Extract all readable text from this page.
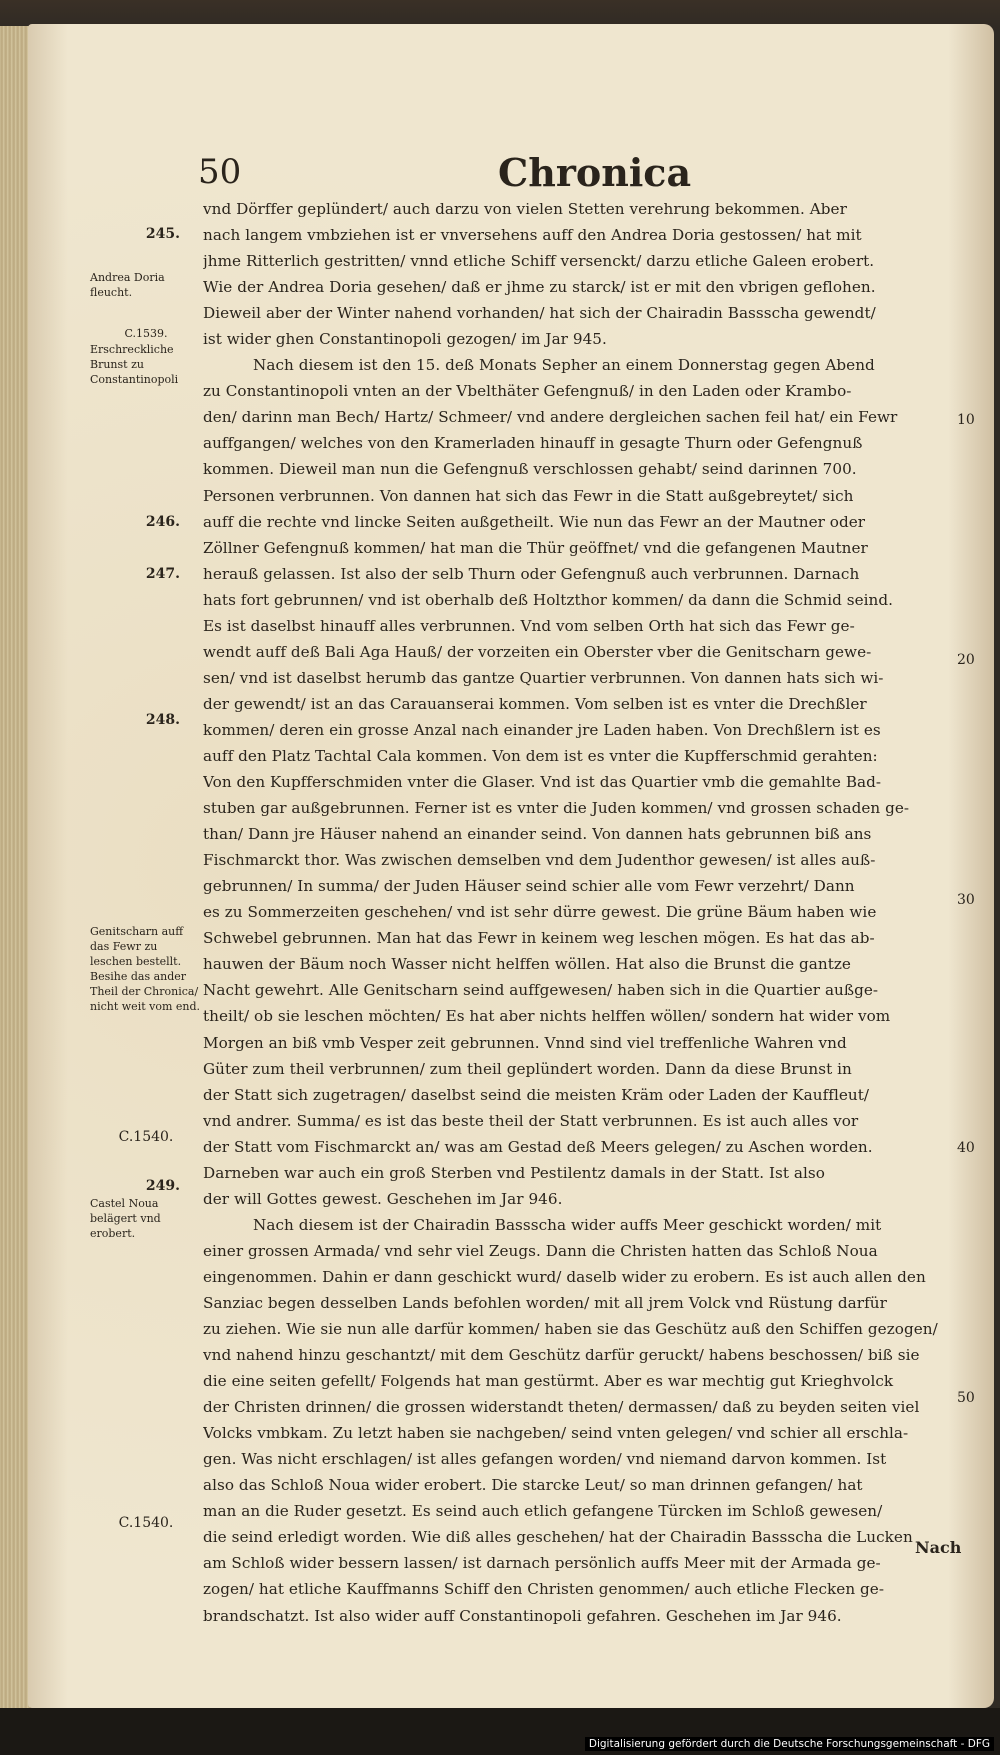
50	Chronica
vnd Dörffer geplündert/ auch darzu von vielen Stetten verehrung bekommen. Aber
nach langem vmbziehen ist er vnversehens auff den Andrea Doria gestossen/ hat mit
jhme Ritterlich gestritten/ vnnd etliche Schiff versenckt/ darzu etliche Galeen erobert.
Wie der Andrea Doria gesehen/ daß er jhme zu starck/ ist er mit den vbrigen geflohen.
Dieweil aber der Winter nahend vorhanden/ hat sich der Chairadin Bassscha gewendt/
ist wider ghen Constantinopoli gezogen/ im Jar 945.
Nach diesem ist den 15. deß Monats Sepher an einem Donnerstag gegen Abend
zu Constantinopoli vnten an der Vbelthäter Gefengnuß/ in den Laden oder Krambo-
den/ darinn man Bech/ Hartz/ Schmeer/ vnd andere dergleichen sachen feil hat/ ein Fewr
auffgangen/ welches von den Kramerladen hinauff in gesagte Thurn oder Gefengnuß
kommen. Dieweil man nun die Gefengnuß verschlossen gehabt/ seind darinnen 700.
Personen verbrunnen. Von dannen hat sich das Fewr in die Statt außgebreytet/ sich
auff die rechte vnd lincke Seiten außgetheilt. Wie nun das Fewr an der Mautner oder
Zöllner Gefengnuß kommen/ hat man die Thür geöffnet/ vnd die gefangenen Mautner
herauß gelassen. Ist also der selb Thurn oder Gefengnuß auch verbrunnen. Darnach
hats fort gebrunnen/ vnd ist oberhalb deß Holtzthor kommen/ da dann die Schmid seind.
Es ist daselbst hinauff alles verbrunnen. Vnd vom selben Orth hat sich das Fewr ge-
wendt auff deß Bali Aga Hauß/ der vorzeiten ein Oberster vber die Genitscharn gewe-
sen/ vnd ist daselbst herumb das gantze Quartier verbrunnen. Von dannen hats sich wi-
der gewendt/ ist an das Carauanserai kommen. Vom selben ist es vnter die Drechßler
kommen/ deren ein grosse Anzal nach einander jre Laden haben. Von Drechßlern ist es
auff den Platz Tachtal Cala kommen. Von dem ist es vnter die Kupfferschmid gerahten:
Von den Kupfferschmiden vnter die Glaser. Vnd ist das Quartier vmb die gemahlte Bad-
stuben gar außgebrunnen. Ferner ist es vnter die Juden kommen/ vnd grossen schaden ge-
than/ Dann jre Häuser nahend an einander seind. Von dannen hats gebrunnen biß ans
Fischmarckt thor. Was zwischen demselben vnd dem Judenthor gewesen/ ist alles auß-
gebrunnen/ In summa/ der Juden Häuser seind schier alle vom Fewr verzehrt/ Dann
es zu Sommerzeiten geschehen/ vnd ist sehr dürre gewest. Die grüne Bäum haben wie
Schwebel gebrunnen. Man hat das Fewr in keinem weg leschen mögen. Es hat das ab-
hauwen der Bäum noch Wasser nicht helffen wöllen. Hat also die Brunst die gantze
Nacht gewehrt. Alle Genitscharn seind auffgewesen/ haben sich in die Quartier außge-
theilt/ ob sie leschen möchten/ Es hat aber nichts helffen wöllen/ sondern hat wider vom
Morgen an biß vmb Vesper zeit gebrunnen. Vnnd sind viel treffenliche Wahren vnd
Güter zum theil verbrunnen/ zum theil geplündert worden. Dann da diese Brunst in
der Statt sich zugetragen/ daselbst seind die meisten Kräm oder Laden der Kauffleut/
vnd andrer. Summa/ es ist das beste theil der Statt verbrunnen. Es ist auch alles vor
der Statt vom Fischmarckt an/ was am Gestad deß Meers gelegen/ zu Aschen worden.
Darneben war auch ein groß Sterben vnd Pestilentz damals in der Statt. Ist also
der will Gottes gewest. Geschehen im Jar 946.
Nach diesem ist der Chairadin Bassscha wider auffs Meer geschickt worden/ mit
einer grossen Armada/ vnd sehr viel Zeugs. Dann die Christen hatten das Schloß Noua
eingenommen. Dahin er dann geschickt wurd/ daselb wider zu erobern. Es ist auch allen den
Sanziac begen desselben Lands befohlen worden/ mit all jrem Volck vnd Rüstung darfür
zu ziehen. Wie sie nun alle darfür kommen/ haben sie das Geschütz auß den Schiffen gezogen/
vnd nahend hinzu geschantzt/ mit dem Geschütz darfür geruckt/ habens beschossen/ biß sie
die eine seiten gefellt/ Folgends hat man gestürmt. Aber es war mechtig gut Krieghvolck
der Christen drinnen/ die grossen widerstandt theten/ dermassen/ daß zu beyden seiten viel
Volcks vmbkam. Zu letzt haben sie nachgeben/ seind vnten gelegen/ vnd schier all erschla-
gen. Was nicht erschlagen/ ist alles gefangen worden/ vnd niemand darvon kommen. Ist
also das Schloß Noua wider erobert. Die starcke Leut/ so man drinnen gefangen/ hat
man an die Ruder gesetzt. Es seind auch etlich gefangene Türcken im Schloß gewesen/
die seind erledigt worden. Wie diß alles geschehen/ hat der Chairadin Bassscha die Lucken
am Schloß wider bessern lassen/ ist darnach persönlich auffs Meer mit der Armada ge-
zogen/ hat etliche Kauffmanns Schiff den Christen genommen/ auch etliche Flecken ge-
brandschatzt. Ist also wider auff Constantinopoli gefahren. Geschehen im Jar 946.
245.
Andrea Doria fleucht.
C.1539.
Erschreckliche Brunst zu Constantinopoli
246.
247.
248.
Genitscharn auff das Fewr zu leschen bestellt. Besihe das ander Theil der Chronica/ nicht weit vom end.
C.1540.
249.
Castel Noua belägert vnd erobert.
C.1540.
10
20
30
40
50
Nach
Digitalisierung gefördert durch die Deutsche Forschungsgemeinschaft - DFG
